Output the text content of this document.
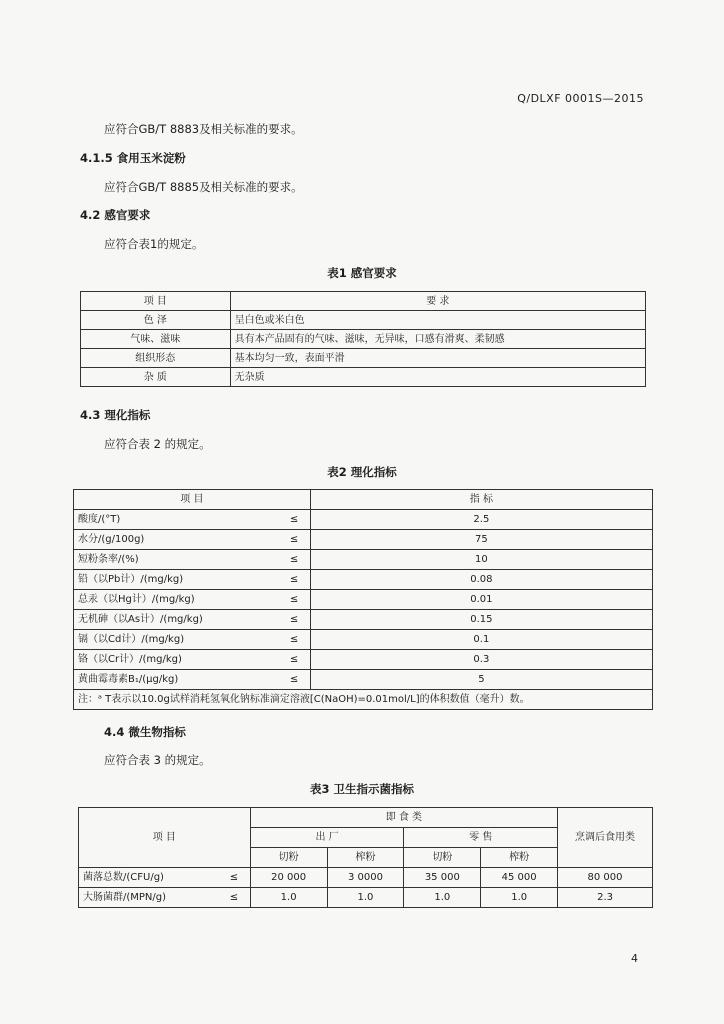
Q/DLXF 0001S—2015
应符合GB/T 8883及相关标准的要求。
4.1.5 食用玉米淀粉
应符合GB/T 8885及相关标准的要求。
4.2 感官要求
应符合表1的规定。
表1 感官要求
项 目	要 求
色 泽	呈白色或米白色
气味、滋味	具有本产品固有的气味、滋味，无异味，口感有滑爽、柔韧感
组织形态	基本均匀一致，表面平滑
杂 质	无杂质
4.3 理化指标
应符合表 2 的规定。
表2 理化指标
项 目		指 标
酸度/(°T)	≤	2.5
水分/(g/100g)	≤	75
短粉条率/(%)	≤	10
铅（以Pb计）/(mg/kg)	≤	0.08
总汞（以Hg计）/(mg/kg)	≤	0.01
无机砷（以As计）/(mg/kg)	≤	0.15
镉（以Cd计）/(mg/kg)	≤	0.1
铬（以Cr计）/(mg/kg)	≤	0.3
黄曲霉毒素B₁/(μg/kg)	≤	5
注：ᵃ T表示以10.0g试样消耗氢氧化钠标准滴定溶液[C(NaOH)=0.01mol/L]的体积数值（毫升）数。		
4.4 微生物指标
应符合表 3 的规定。
表3 卫生指示菌指标
项 目		即 食 类				烹调后食用类
		出 厂		零 售		
		切粉	榨粉	切粉	榨粉	
菌落总数/(CFU/g)	≤	20 000	3 0000	35 000	45 000	80 000
大肠菌群/(MPN/g)	≤	1.0	1.0	1.0	1.0	2.3
4
